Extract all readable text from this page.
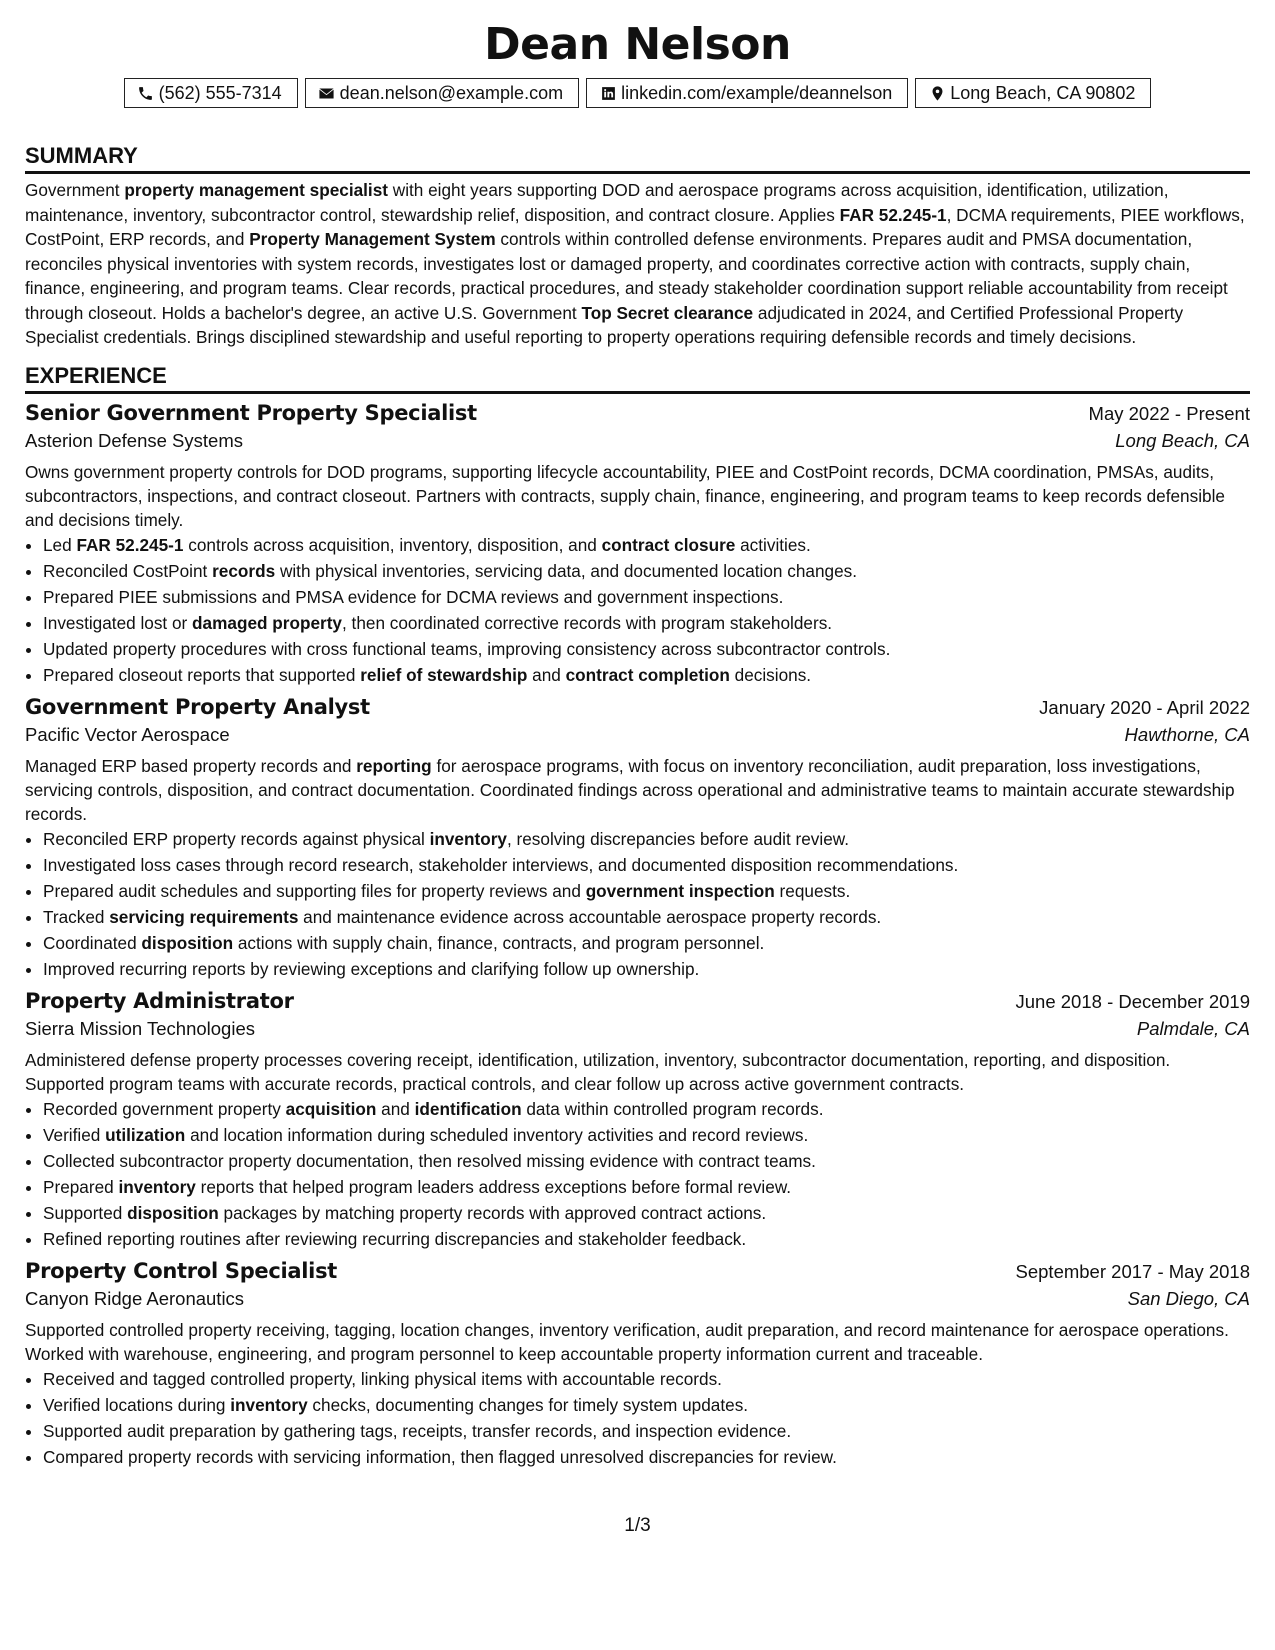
Dean Nelson
(562) 555-7314	dean.nelson@example.com	linkedin.com/example/deannelson	Long Beach, CA 90802
SUMMARY

Government property management specialist with eight years supporting DOD and aerospace programs across acquisition, identification, utilization, maintenance, inventory, subcontractor control, stewardship relief, disposition, and contract closure. Applies FAR 52.245-1, DCMA requirements, PIEE workflows, CostPoint, ERP records, and Property Management System controls within controlled defense environments. Prepares audit and PMSA documentation, reconciles physical inventories with system records, investigates lost or damaged property, and coordinates corrective action with contracts, supply chain, finance, engineering, and program teams. Clear records, practical procedures, and steady stakeholder coordination support reliable accountability from receipt through closeout. Holds a bachelor's degree, an active U.S. Government Top Secret clearance adjudicated in 2024, and Certified Professional Property Specialist credentials. Brings disciplined stewardship and useful reporting to property operations requiring defensible records and timely decisions.

EXPERIENCE
Senior Government Property Specialist	May 2022 - Present
Asterion Defense Systems	Long Beach, CA

Owns government property controls for DOD programs, supporting lifecycle accountability, PIEE and CostPoint records, DCMA coordination, PMSAs, audits, subcontractors, inspections, and contract closeout. Partners with contracts, supply chain, finance, engineering, and program teams to keep records defensible and decisions timely.

• Led FAR 52.245-1 controls across acquisition, inventory, disposition, and contract closure activities.
• Reconciled CostPoint records with physical inventories, servicing data, and documented location changes.
• Prepared PIEE submissions and PMSA evidence for DCMA reviews and government inspections.
• Investigated lost or damaged property, then coordinated corrective records with program stakeholders.
• Updated property procedures with cross functional teams, improving consistency across subcontractor controls.
• Prepared closeout reports that supported relief of stewardship and contract completion decisions.
Government Property Analyst	January 2020 - April 2022
Pacific Vector Aerospace	Hawthorne, CA

Managed ERP based property records and reporting for aerospace programs, with focus on inventory reconciliation, audit preparation, loss investigations, servicing controls, disposition, and contract documentation. Coordinated findings across operational and administrative teams to maintain accurate stewardship records.

• Reconciled ERP property records against physical inventory, resolving discrepancies before audit review.
• Investigated loss cases through record research, stakeholder interviews, and documented disposition recommendations.
• Prepared audit schedules and supporting files for property reviews and government inspection requests.
• Tracked servicing requirements and maintenance evidence across accountable aerospace property records.
• Coordinated disposition actions with supply chain, finance, contracts, and program personnel.
• Improved recurring reports by reviewing exceptions and clarifying follow up ownership.
Property Administrator	June 2018 - December 2019
Sierra Mission Technologies	Palmdale, CA

Administered defense property processes covering receipt, identification, utilization, inventory, subcontractor documentation, reporting, and disposition. Supported program teams with accurate records, practical controls, and clear follow up across active government contracts.

• Recorded government property acquisition and identification data within controlled program records.
• Verified utilization and location information during scheduled inventory activities and record reviews.
• Collected subcontractor property documentation, then resolved missing evidence with contract teams.
• Prepared inventory reports that helped program leaders address exceptions before formal review.
• Supported disposition packages by matching property records with approved contract actions.
• Refined reporting routines after reviewing recurring discrepancies and stakeholder feedback.
Property Control Specialist	September 2017 - May 2018
Canyon Ridge Aeronautics	San Diego, CA

Supported controlled property receiving, tagging, location changes, inventory verification, audit preparation, and record maintenance for aerospace operations. Worked with warehouse, engineering, and program personnel to keep accountable property information current and traceable.

• Received and tagged controlled property, linking physical items with accountable records.
• Verified locations during inventory checks, documenting changes for timely system updates.
• Supported audit preparation by gathering tags, receipts, transfer records, and inspection evidence.
• Compared property records with servicing information, then flagged unresolved discrepancies for review.
1/3
